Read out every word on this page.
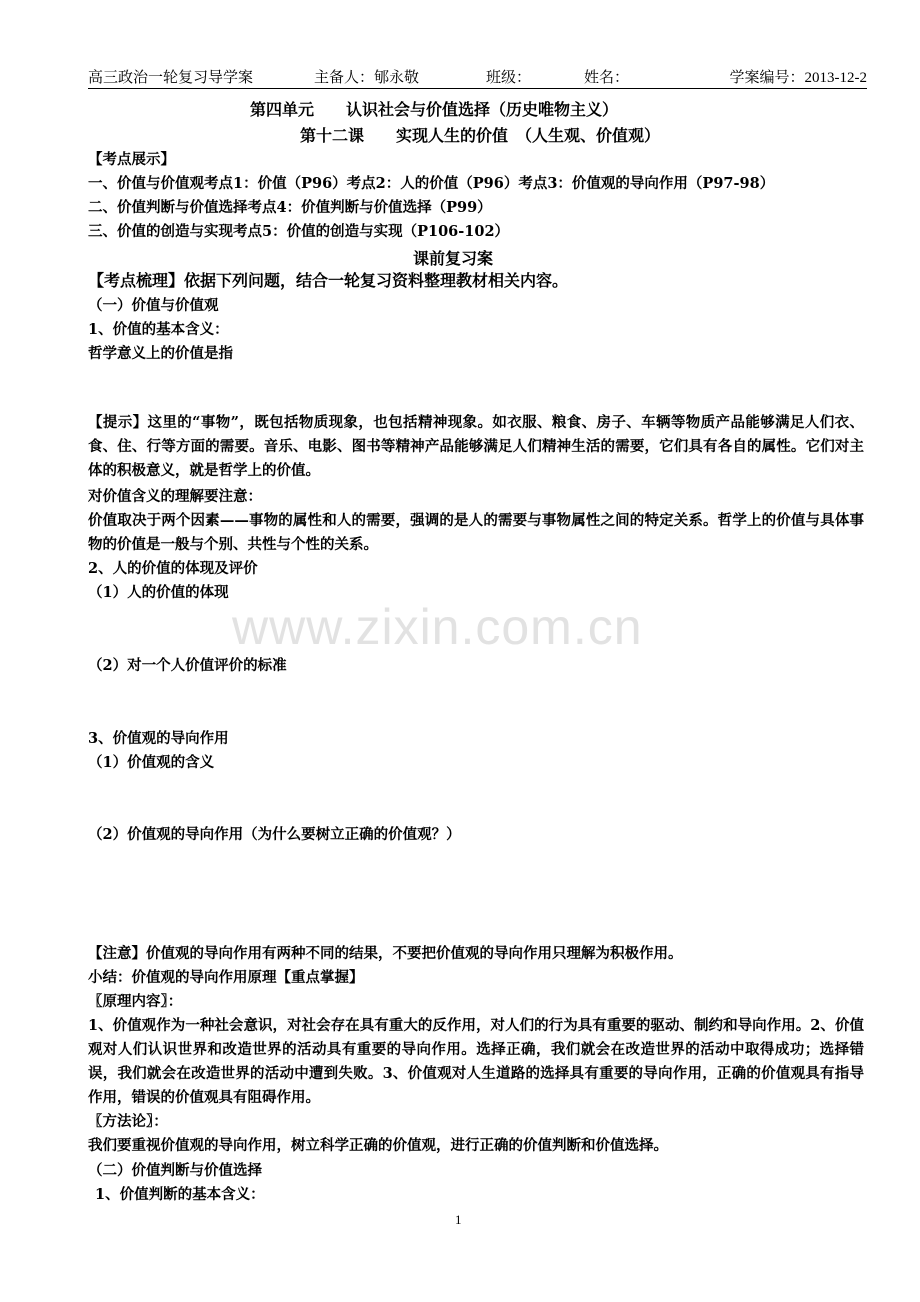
www.zixin.com.cn
高三政治一轮复习导学案	主备人：郇永敬	班级：	姓名：	学案编号：2013-12-2
第四单元　　认识社会与价值选择（历史唯物主义）
第十二课　　实现人生的价值　（人生观、价值观）
【考点展示】
一、价值与价值观考点1：价值（P96）考点2：人的价值（P96）考点3：价值观的导向作用（P97-98）
二、价值判断与价值选择考点4：价值判断与价值选择（P99）
三、价值的创造与实现考点5：价值的创造与实现（P106-102）
课前复习案
【考点梳理】依据下列问题，结合一轮复习资料整理教材相关内容。
（一）价值与价值观
1、价值的基本含义：
哲学意义上的价值是指
【提示】这里的“事物”，既包括物质现象，也包括精神现象。如衣服、粮食、房子、车辆等物质产品能够满足人们衣、食、住、行等方面的需要。音乐、电影、图书等精神产品能够满足人们精神生活的需要，它们具有各自的属性。它们对主体的积极意义，就是哲学上的价值。
对价值含义的理解要注意：
价值取决于两个因素——事物的属性和人的需要，强调的是人的需要与事物属性之间的特定关系。哲学上的价值与具体事物的价值是一般与个别、共性与个性的关系。
2、人的价值的体现及评价
（1）人的价值的体现
（2）对一个人价值评价的标准
3、价值观的导向作用
（1）价值观的含义
（2）价值观的导向作用（为什么要树立正确的价值观？）
【注意】价值观的导向作用有两种不同的结果，不要把价值观的导向作用只理解为积极作用。
小结：价值观的导向作用原理【重点掌握】
〖原理内容〗：
1、价值观作为一种社会意识，对社会存在具有重大的反作用，对人们的行为具有重要的驱动、制约和导向作用。2、价值观对人们认识世界和改造世界的活动具有重要的导向作用。选择正确，我们就会在改造世界的活动中取得成功；选择错误，我们就会在改造世界的活动中遭到失败。3、价值观对人生道路的选择具有重要的导向作用，正确的价值观具有指导作用，错误的价值观具有阻碍作用。
〖方法论〗：
我们要重视价值观的导向作用，树立科学正确的价值观，进行正确的价值判断和价值选择。
（二）价值判断与价值选择
1、价值判断的基本含义：
1
